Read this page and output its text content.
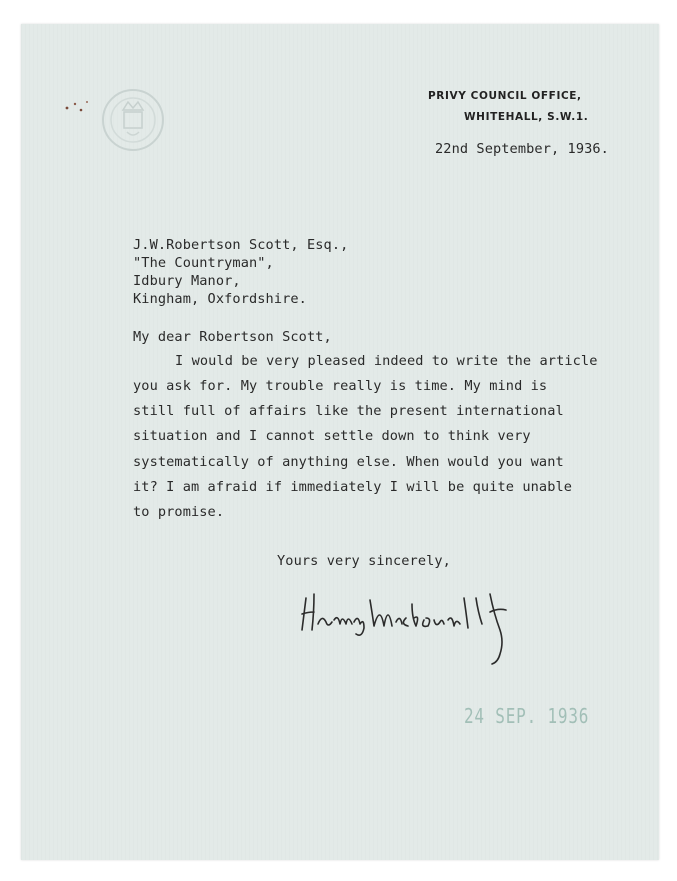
PRIVY COUNCIL OFFICE,
WHITEHALL, S.W.1.
22nd September, 1936.
J.W.Robertson Scott, Esq.,
"The Countryman",
Idbury Manor,
Kingham, Oxfordshire.
My dear Robertson Scott,
I would be very pleased indeed to write the article
you ask for. My trouble really is time. My mind is
still full of affairs like the present international
situation and I cannot settle down to think very
systematically of anything else. When would you want
it? I am afraid if immediately I will be quite unable
to promise.
Yours very sincerely,
24 SEP. 1936
